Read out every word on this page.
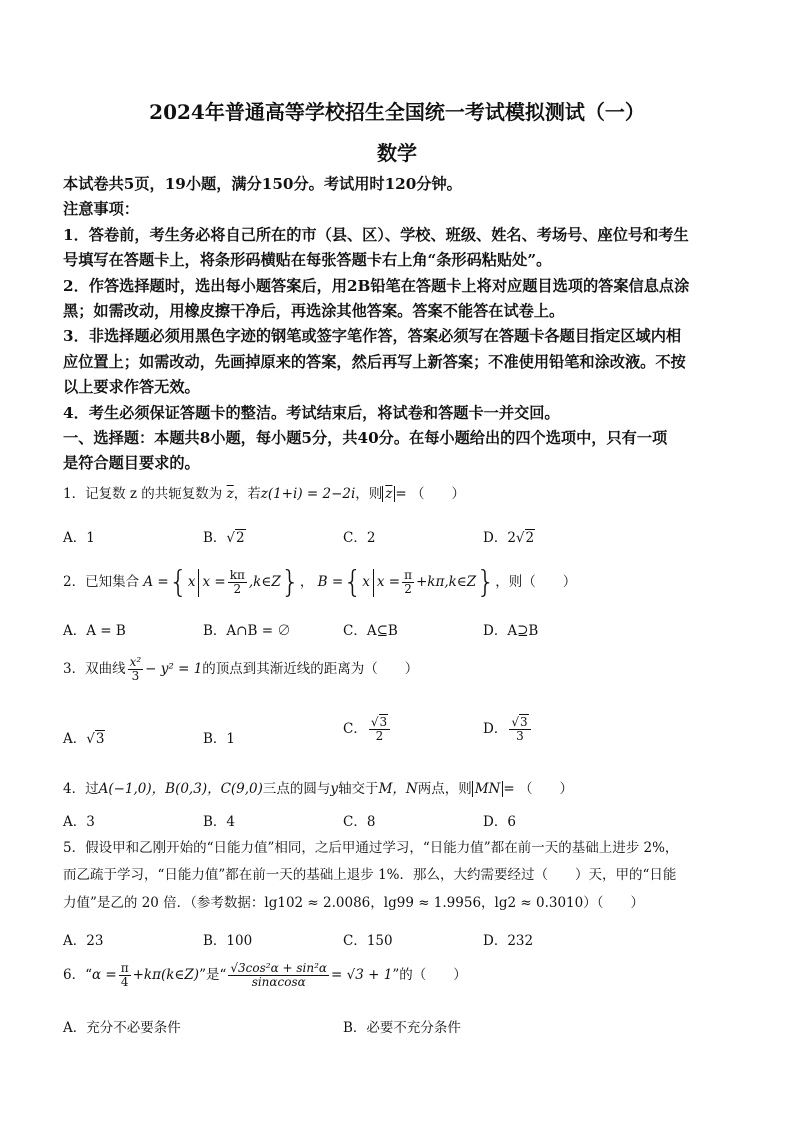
2024年普通高等学校招生全国统一考试模拟测试（一）
数学
本试卷共5页，19小题，满分150分。考试用时120分钟。
注意事项：
1．答卷前，考生务必将自己所在的市（县、区）、学校、班级、姓名、考场号、座位号和考生
号填写在答题卡上，将条形码横贴在每张答题卡右上角“条形码粘贴处”。
2．作答选择题时，选出每小题答案后，用2B铅笔在答题卡上将对应题目选项的答案信息点涂
黑；如需改动，用橡皮擦干净后，再选涂其他答案。答案不能答在试卷上。
3．非选择题必须用黑色字迹的钢笔或签字笔作答，答案必须写在答题卡各题目指定区域内相
应位置上；如需改动，先画掉原来的答案，然后再写上新答案；不准使用铅笔和涂改液。不按
以上要求作答无效。
4．考生必须保证答题卡的整洁。考试结束后，将试卷和答题卡一并交回。
一、选择题：本题共8小题，每小题5分，共40分。在每小题给出的四个选项中，只有一项
是符合题目要求的。
1．记复数 z 的共轭复数为 $\overline{z}$，若z(1+i) = 2−2i，则 $\overline{z}$ = （　　）
A．1	B．√2	C．2	D．2√2
2．已知集合 A ={x $x = \frac{k\pi}{2}$ ,k∈Z}， B ={x $x = \frac{\pi}{2}$ +kπ,k∈Z}，则（　　）
A．A = B	B．A∩B = ∅	C．A⊆B	D．A⊇B
3．双曲线 $\frac{\text{x²}}{3} - y^2 = 1$的顶点到其渐近线的距离为（　　）
A．√3	B．1
C． $\frac{√3}{2}$	D． $\frac{√3}{3}$
4．过A(−1,0)，B(0,3)，C(9,0)三点的圆与y轴交于M，N两点，则 MN = （　　）
A．3	B．4	C．8	D．6
5．假设甲和乙刚开始的“日能力值”相同，之后甲通过学习，“日能力值”都在前一天的基础上进步 2%，
而乙疏于学习，“日能力值”都在前一天的基础上退步 1%．那么，大约需要经过（　　）天，甲的“日能
力值”是乙的 20 倍．（参考数据：lg102 ≈ 2.0086，lg99 ≈ 1.9956，lg2 ≈ 0.3010）（　　）
A．23	B．100	C．150	D．232
6．“$\alpha = \frac{\pi}{4}$ +kπ(k∈Z)”是“ $\frac{\text{√3cos²α + sin²α}}{\sin\alpha\cos\alpha} = √3 + 1$”的（　　）
A．充分不必要条件	B．必要不充分条件
